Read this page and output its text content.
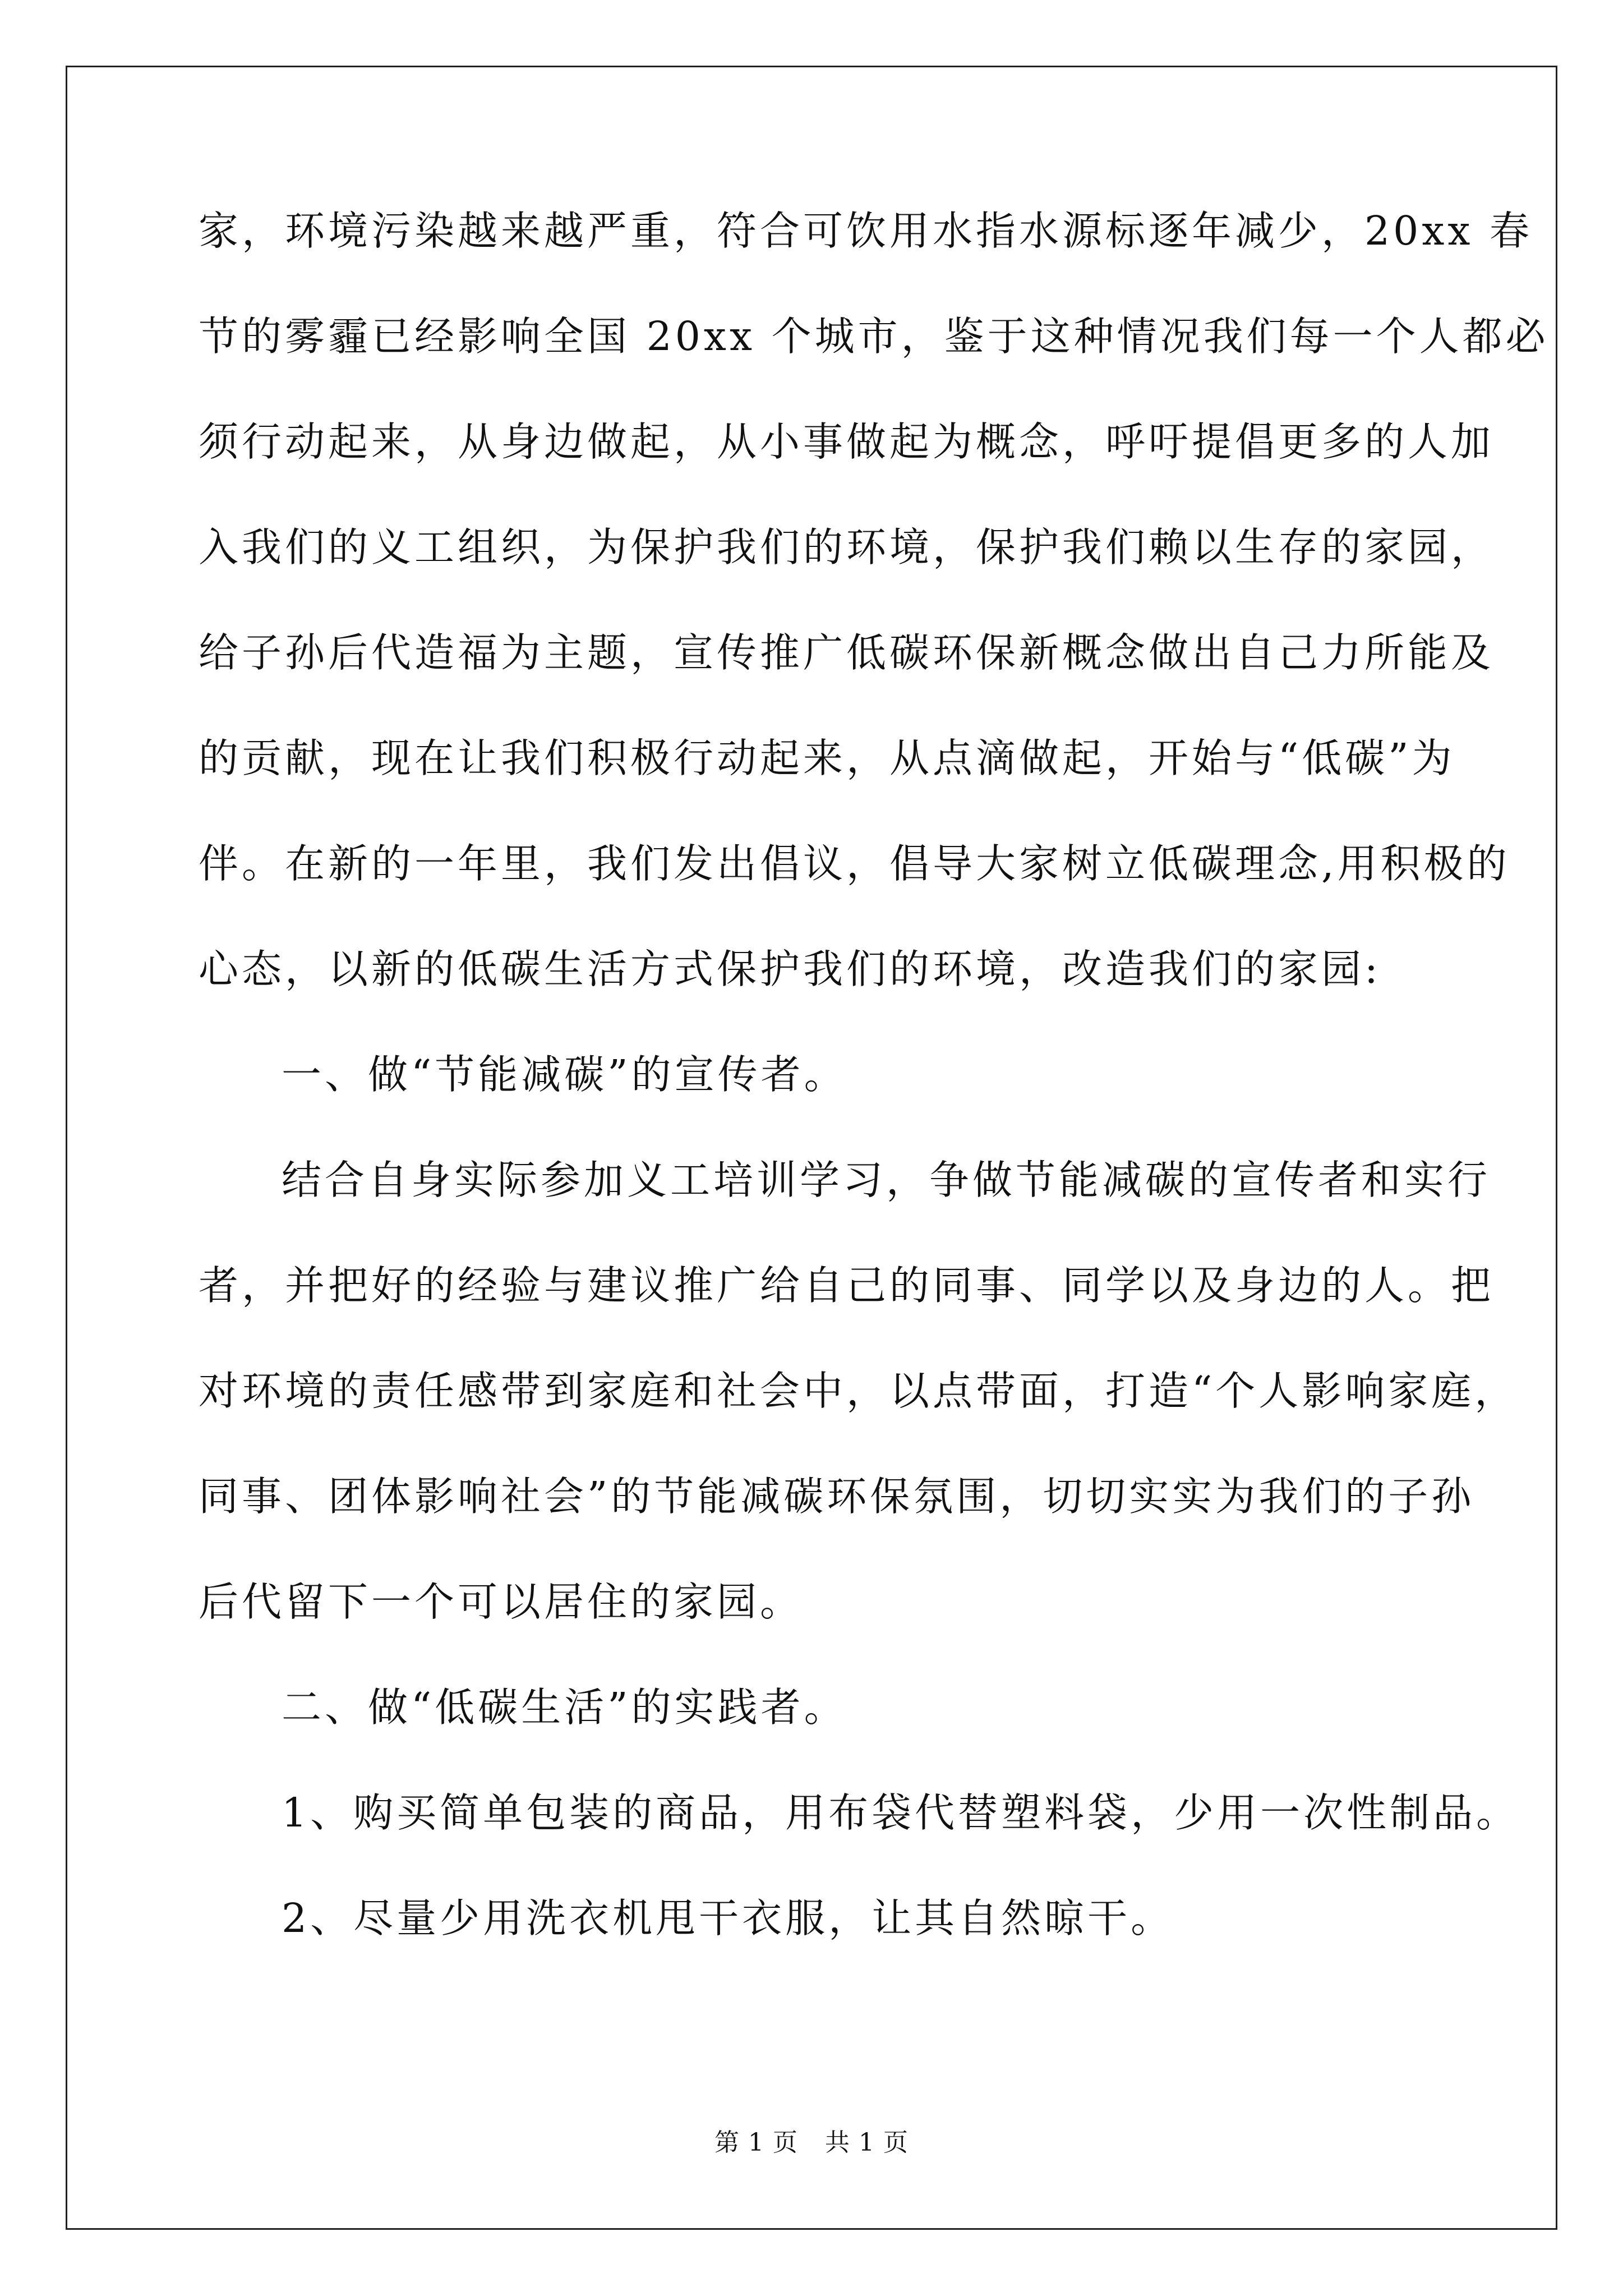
家，环境污染越来越严重，符合可饮用水指水源标逐年减少，20xx 春
节的雾霾已经影响全国 20xx 个城市，鉴于这种情况我们每一个人都必
须行动起来，从身边做起，从小事做起为概念，呼吁提倡更多的人加
入我们的义工组织，为保护我们的环境，保护我们赖以生存的家园，
给子孙后代造福为主题，宣传推广低碳环保新概念做出自己力所能及
的贡献，现在让我们积极行动起来，从点滴做起，开始与“低碳”为
伴。在新的一年里，我们发出倡议，倡导大家树立低碳理念,用积极的
心态，以新的低碳生活方式保护我们的环境，改造我们的家园:
一、做“节能减碳”的宣传者。
结合自身实际参加义工培训学习，争做节能减碳的宣传者和实行
者，并把好的经验与建议推广给自己的同事、同学以及身边的人。把
对环境的责任感带到家庭和社会中，以点带面，打造“个人影响家庭，
同事、团体影响社会”的节能减碳环保氛围，切切实实为我们的子孙
后代留下一个可以居住的家园。
二、做“低碳生活”的实践者。
1、购买简单包装的商品，用布袋代替塑料袋，少用一次性制品。
2、尽量少用洗衣机甩干衣服，让其自然晾干。
第 1 页 共 1 页
